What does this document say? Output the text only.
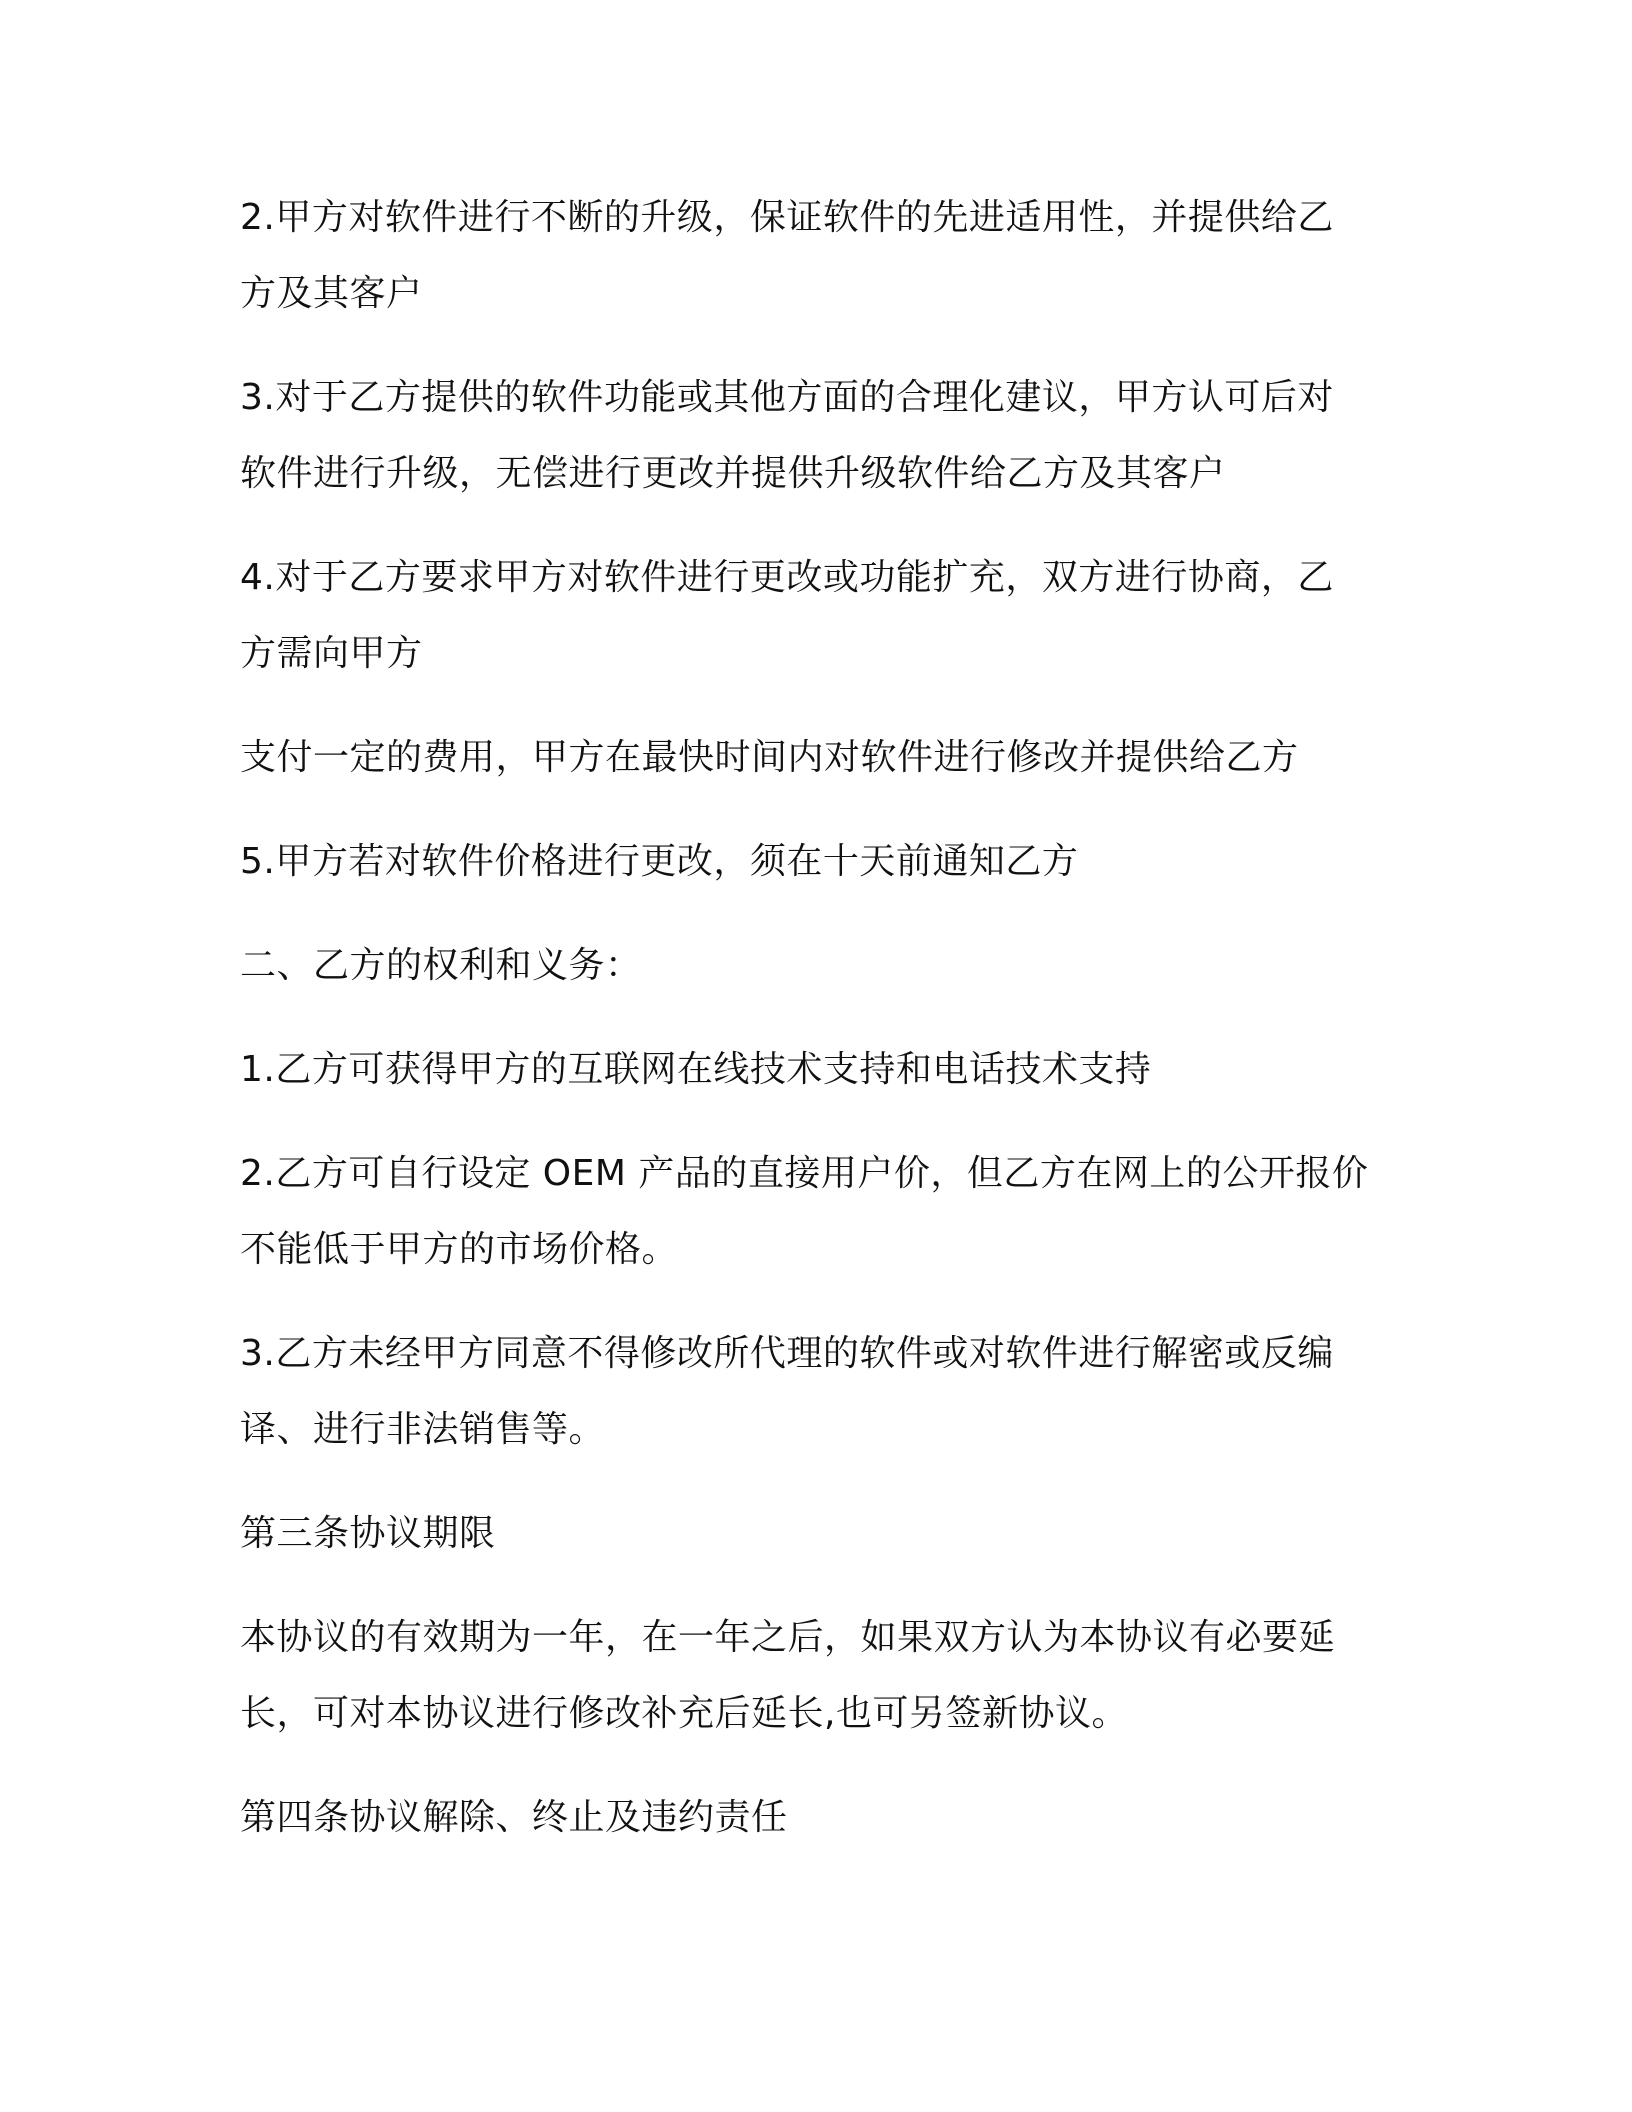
2.甲方对软件进行不断的升级，保证软件的先进适用性，并提供给乙
方及其客户
3.对于乙方提供的软件功能或其他方面的合理化建议，甲方认可后对
软件进行升级，无偿进行更改并提供升级软件给乙方及其客户
4.对于乙方要求甲方对软件进行更改或功能扩充，双方进行协商，乙
方需向甲方
支付一定的费用，甲方在最快时间内对软件进行修改并提供给乙方
5.甲方若对软件价格进行更改，须在十天前通知乙方
二、乙方的权利和义务：
1.乙方可获得甲方的互联网在线技术支持和电话技术支持
2.乙方可自行设定 OEM 产品的直接用户价，但乙方在网上的公开报价
不能低于甲方的市场价格。
3.乙方未经甲方同意不得修改所代理的软件或对软件进行解密或反编
译、进行非法销售等。
第三条协议期限
本协议的有效期为一年，在一年之后，如果双方认为本协议有必要延
长，可对本协议进行修改补充后延长,也可另签新协议。
第四条协议解除、终止及违约责任
